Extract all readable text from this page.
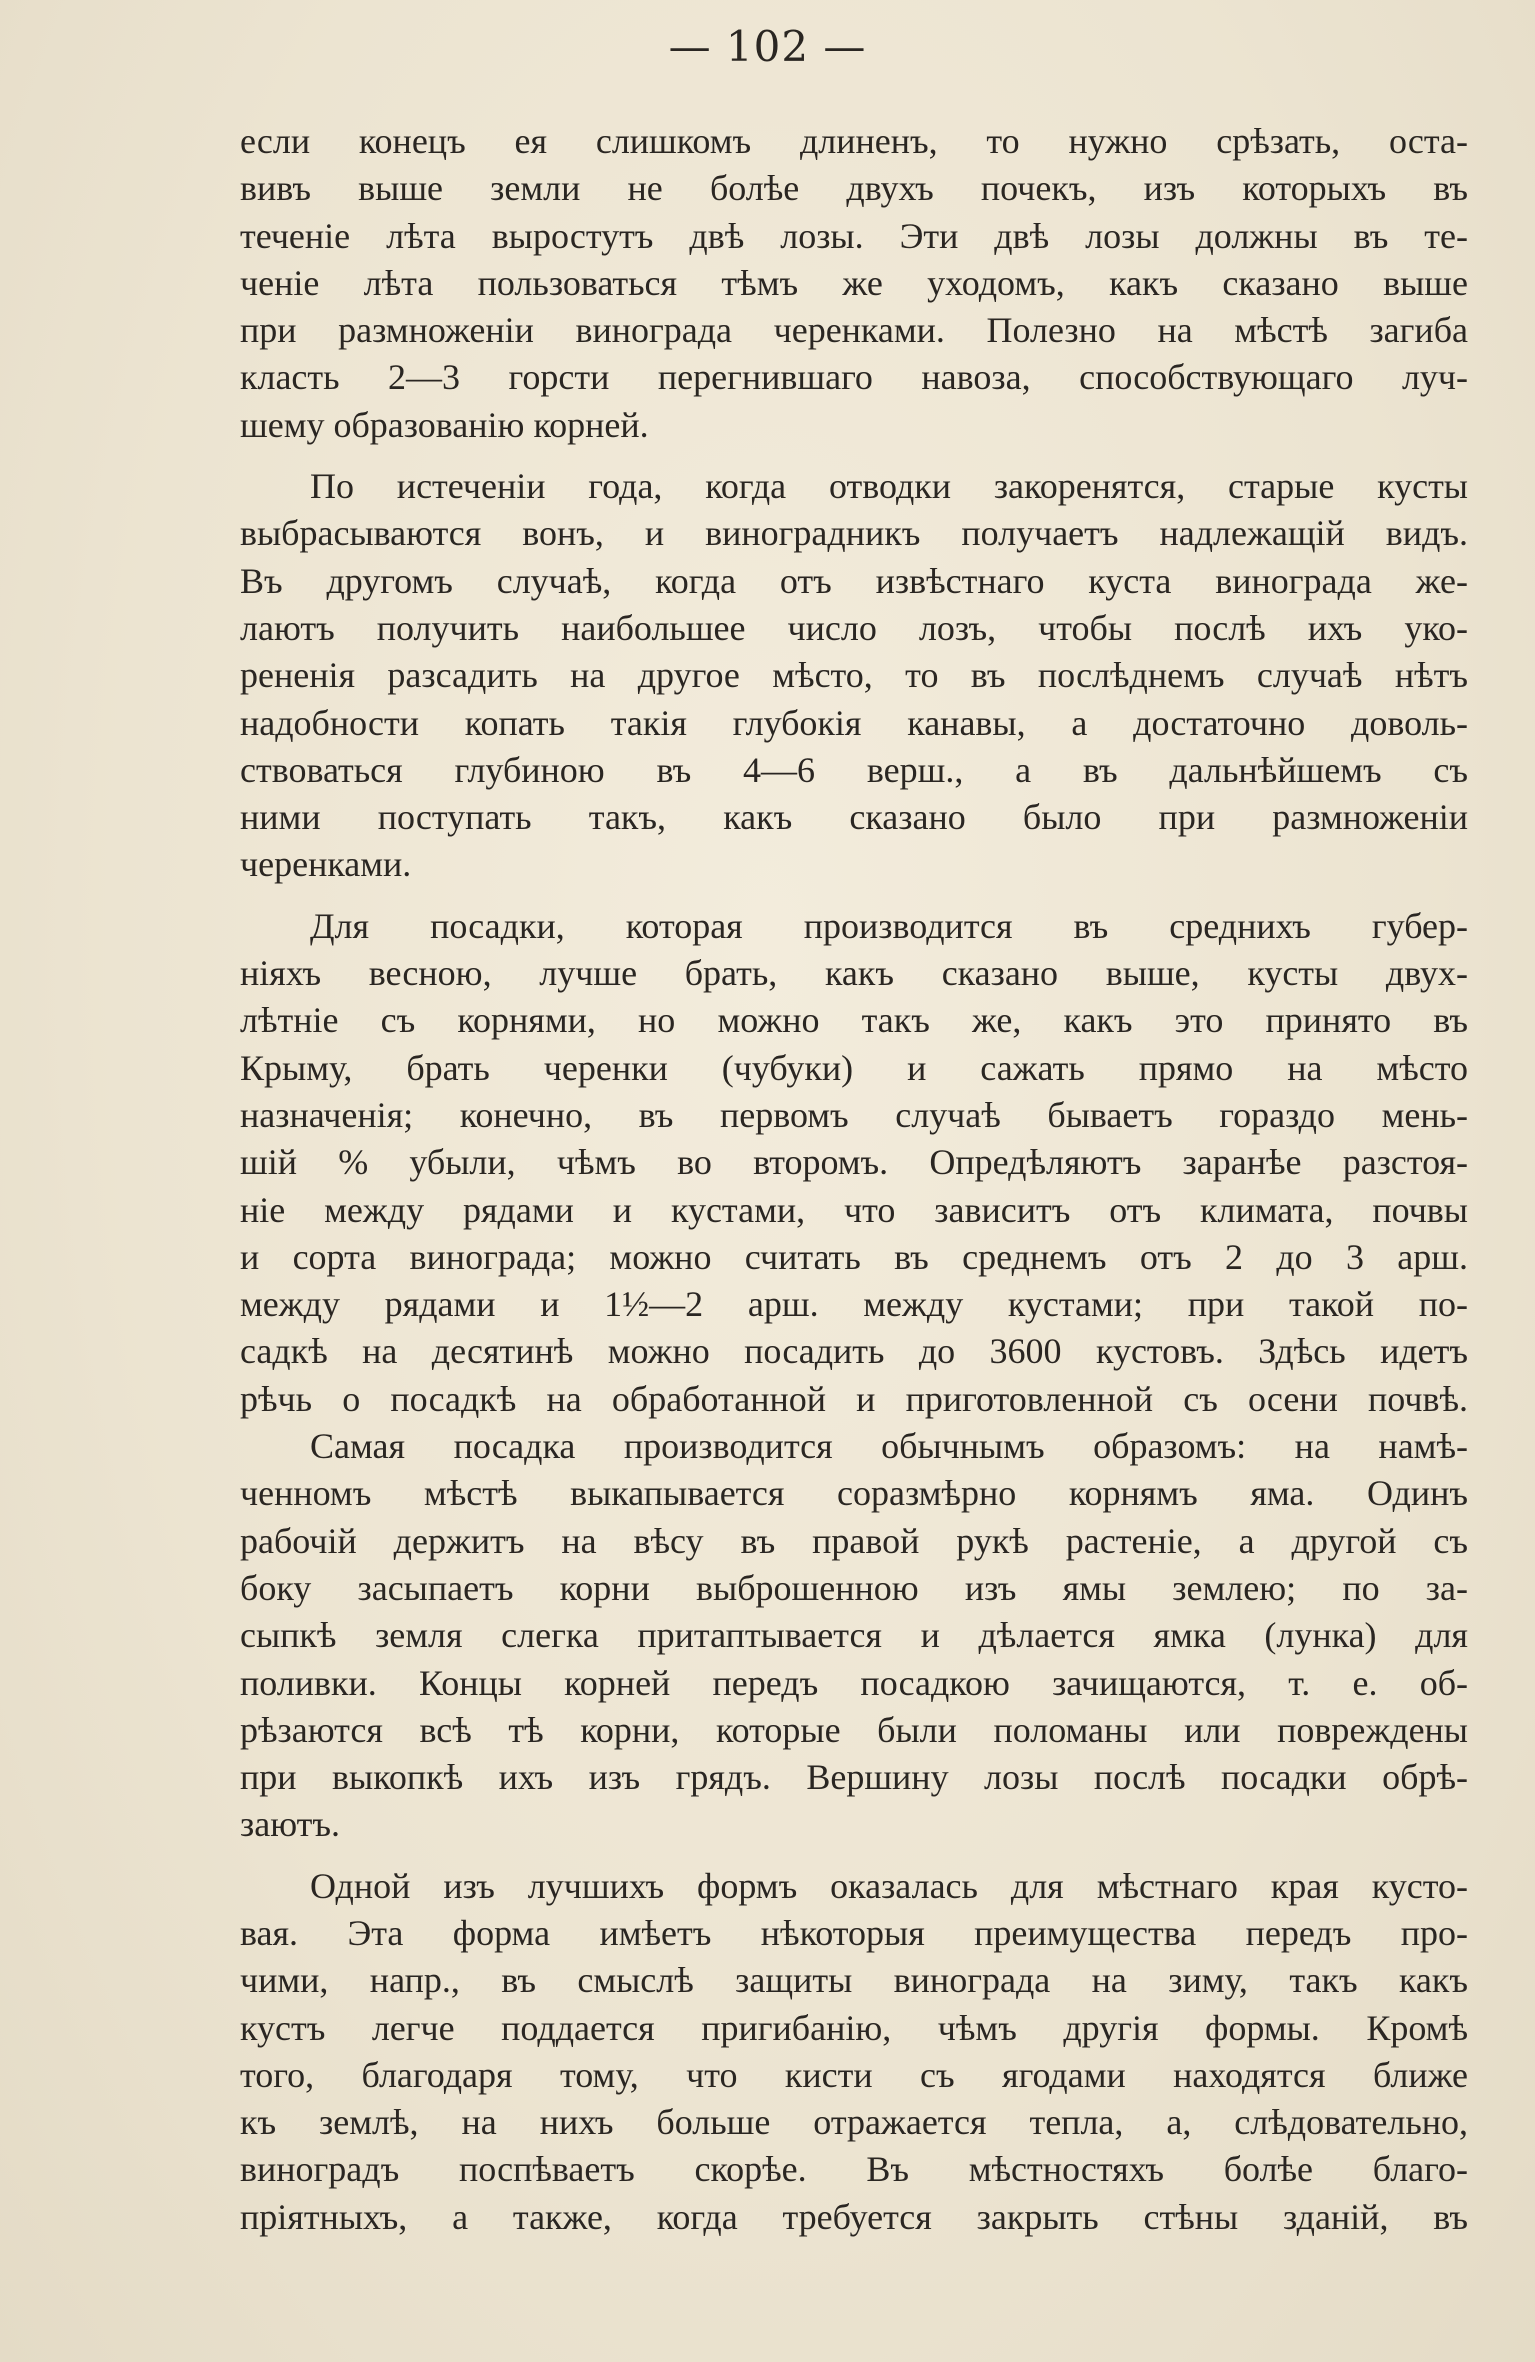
— 102 —
если конецъ ея слишкомъ длиненъ, то нужно срѣзать, оста-
вивъ выше земли не болѣе двухъ почекъ, изъ которыхъ въ
теченіе лѣта выростутъ двѣ лозы. Эти двѣ лозы должны въ те-
ченіе лѣта пользоваться тѣмъ же уходомъ, какъ сказано выше
при размноженіи винограда черенками. Полезно на мѣстѣ загиба
класть 2—3 горсти перегнившаго навоза, способствующаго луч-
шему образованію корней.
По истеченіи года, когда отводки закоренятся, старые кусты
выбрасываются вонъ, и виноградникъ получаетъ надлежащій видъ.
Въ другомъ случаѣ, когда отъ извѣстнаго куста винограда же-
лаютъ получить наибольшее число лозъ, чтобы послѣ ихъ уко-
рененія разсадить на другое мѣсто, то въ послѣднемъ случаѣ нѣтъ
надобности копать такія глубокія канавы, а достаточно доволь-
ствоваться глубиною въ 4—6 верш., а въ дальнѣйшемъ съ
ними поступать такъ, какъ сказано было при размноженіи
черенками.
Для посадки, которая производится въ среднихъ губер-
ніяхъ весною, лучше брать, какъ сказано выше, кусты двух-
лѣтніе съ корнями, но можно такъ же, какъ это принято въ
Крыму, брать черенки (чубуки) и сажать прямо на мѣсто
назначенія; конечно, въ первомъ случаѣ бываетъ гораздо мень-
шій % убыли, чѣмъ во второмъ. Опредѣляютъ заранѣе разстоя-
ніе между рядами и кустами, что зависитъ отъ климата, почвы
и сорта винограда; можно считать въ среднемъ отъ 2 до 3 арш.
между рядами и 1½—2 арш. между кустами; при такой по-
садкѣ на десятинѣ можно посадить до 3600 кустовъ. Здѣсь идетъ
рѣчь о посадкѣ на обработанной и приготовленной съ осени почвѣ.
Самая посадка производится обычнымъ образомъ: на намѣ-
ченномъ мѣстѣ выкапывается соразмѣрно корнямъ яма. Одинъ
рабочій держитъ на вѣсу въ правой рукѣ растеніе, а другой съ
боку засыпаетъ корни выброшенною изъ ямы землею; по за-
сыпкѣ земля слегка притаптывается и дѣлается ямка (лунка) для
поливки. Концы корней передъ посадкою зачищаются, т. е. об-
рѣзаются всѣ тѣ корни, которые были поломаны или повреждены
при выкопкѣ ихъ изъ грядъ. Вершину лозы послѣ посадки обрѣ-
заютъ.
Одной изъ лучшихъ формъ оказалась для мѣстнаго края кусто-
вая. Эта форма имѣетъ нѣкоторыя преимущества передъ про-
чими, напр., въ смыслѣ защиты винограда на зиму, такъ какъ
кустъ легче поддается пригибанію, чѣмъ другія формы. Кромѣ
того, благодаря тому, что кисти съ ягодами находятся ближе
къ землѣ, на нихъ больше отражается тепла, а, слѣдовательно,
виноградъ поспѣваетъ скорѣе. Въ мѣстностяхъ болѣе благо-
пріятныхъ, а также, когда требуется закрыть стѣны зданій, въ
